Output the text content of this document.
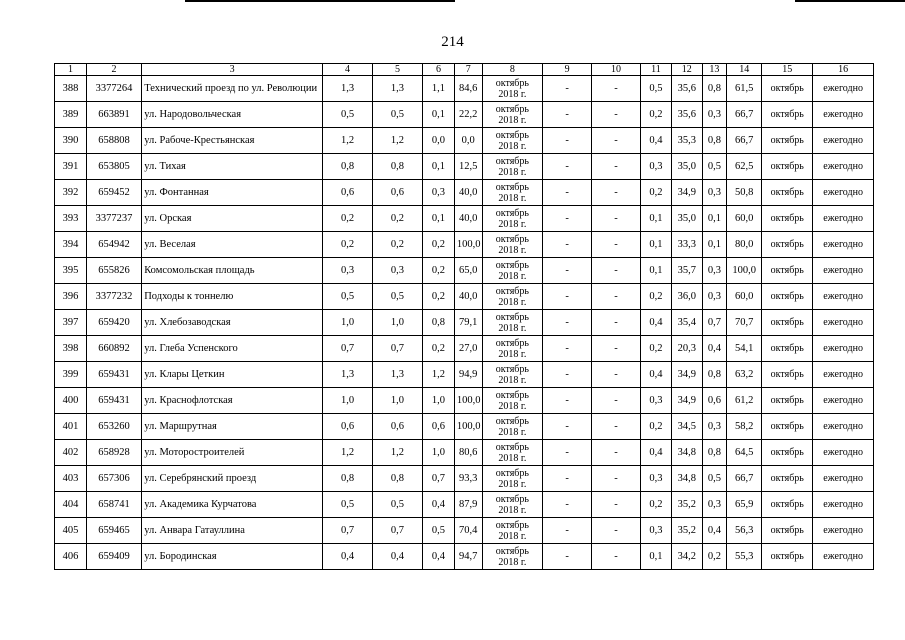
214
1	2	3	4	5	6	7	8	9	10	11	12	13	14	15	16
388	3377264	Технический проезд по ул. Революции	1,3	1,3	1,1	84,6	октябрь 2018 г.	-	-	0,5	35,6	0,8	61,5	октябрь	ежегодно
389	663891	ул. Народовольческая	0,5	0,5	0,1	22,2	октябрь 2018 г.	-	-	0,2	35,6	0,3	66,7	октябрь	ежегодно
390	658808	ул. Рабоче-Крестьянская	1,2	1,2	0,0	0,0	октябрь 2018 г.	-	-	0,4	35,3	0,8	66,7	октябрь	ежегодно
391	653805	ул. Тихая	0,8	0,8	0,1	12,5	октябрь 2018 г.	-	-	0,3	35,0	0,5	62,5	октябрь	ежегодно
392	659452	ул. Фонтанная	0,6	0,6	0,3	40,0	октябрь 2018 г.	-	-	0,2	34,9	0,3	50,8	октябрь	ежегодно
393	3377237	ул. Орская	0,2	0,2	0,1	40,0	октябрь 2018 г.	-	-	0,1	35,0	0,1	60,0	октябрь	ежегодно
394	654942	ул. Веселая	0,2	0,2	0,2	100,0	октябрь 2018 г.	-	-	0,1	33,3	0,1	80,0	октябрь	ежегодно
395	655826	Комсомольская площадь	0,3	0,3	0,2	65,0	октябрь 2018 г.	-	-	0,1	35,7	0,3	100,0	октябрь	ежегодно
396	3377232	Подходы к тоннелю	0,5	0,5	0,2	40,0	октябрь 2018 г.	-	-	0,2	36,0	0,3	60,0	октябрь	ежегодно
397	659420	ул. Хлебозаводская	1,0	1,0	0,8	79,1	октябрь 2018 г.	-	-	0,4	35,4	0,7	70,7	октябрь	ежегодно
398	660892	ул. Глеба Успенского	0,7	0,7	0,2	27,0	октябрь 2018 г.	-	-	0,2	20,3	0,4	54,1	октябрь	ежегодно
399	659431	ул. Клары Цеткин	1,3	1,3	1,2	94,9	октябрь 2018 г.	-	-	0,4	34,9	0,8	63,2	октябрь	ежегодно
400	659431	ул. Краснофлотская	1,0	1,0	1,0	100,0	октябрь 2018 г.	-	-	0,3	34,9	0,6	61,2	октябрь	ежегодно
401	653260	ул. Маршрутная	0,6	0,6	0,6	100,0	октябрь 2018 г.	-	-	0,2	34,5	0,3	58,2	октябрь	ежегодно
402	658928	ул. Моторостроителей	1,2	1,2	1,0	80,6	октябрь 2018 г.	-	-	0,4	34,8	0,8	64,5	октябрь	ежегодно
403	657306	ул. Серебрянский проезд	0,8	0,8	0,7	93,3	октябрь 2018 г.	-	-	0,3	34,8	0,5	66,7	октябрь	ежегодно
404	658741	ул. Академика Курчатова	0,5	0,5	0,4	87,9	октябрь 2018 г.	-	-	0,2	35,2	0,3	65,9	октябрь	ежегодно
405	659465	ул. Анвара Гатауллина	0,7	0,7	0,5	70,4	октябрь 2018 г.	-	-	0,3	35,2	0,4	56,3	октябрь	ежегодно
406	659409	ул. Бородинская	0,4	0,4	0,4	94,7	октябрь 2018 г.	-	-	0,1	34,2	0,2	55,3	октябрь	ежегодно
